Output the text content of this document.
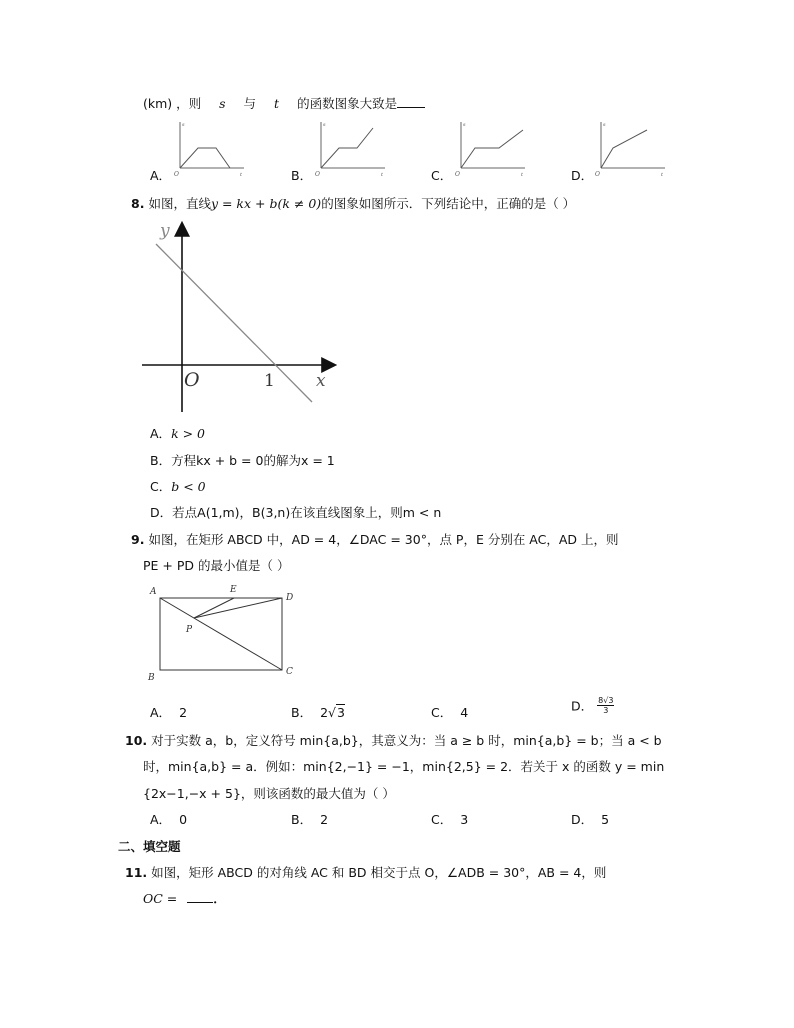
(km) ，则 s 与 t 的函数图象大致是
A．
s
O	t	B．
s
O	t	C．
s
O	t	D．
s
O	t
8. 如图，直线y = kx + b(k ≠ 0)的图象如图所示．下列结论中，正确的是（ ）
y
x
O	1
A．k > 0
B．方程kx + b = 0的解为x = 1
C．b < 0
D．若点A(1,m)，B(3,n)在该直线图象上，则m < n
9. 如图，在矩形 ABCD 中，AD = 4，∠DAC = 30°，点 P，E 分别在 AC，AD 上，则
PE + PD 的最小值是（ ）
A	E
D
P
B
C
A． 2	B． 2√3	C． 4	D． $\frac{8√3}{3}$
10. 对于实数 a，b，定义符号 min{a,b}，其意义为：当 a ≥ b 时，min{a,b} = b；当 a < b
时，min{a,b} = a．例如：min{2,−1} = −1，min{2,5} = 2．若关于 x 的函数 y = min
{2x−1,−x + 5}，则该函数的最大值为（ ）
A． 0	B． 2	C． 3	D． 5
二、填空题
11. 如图，矩形 ABCD 的对角线 AC 和 BD 相交于点 O，∠ADB = 30°，AB = 4，则
OC =	．
